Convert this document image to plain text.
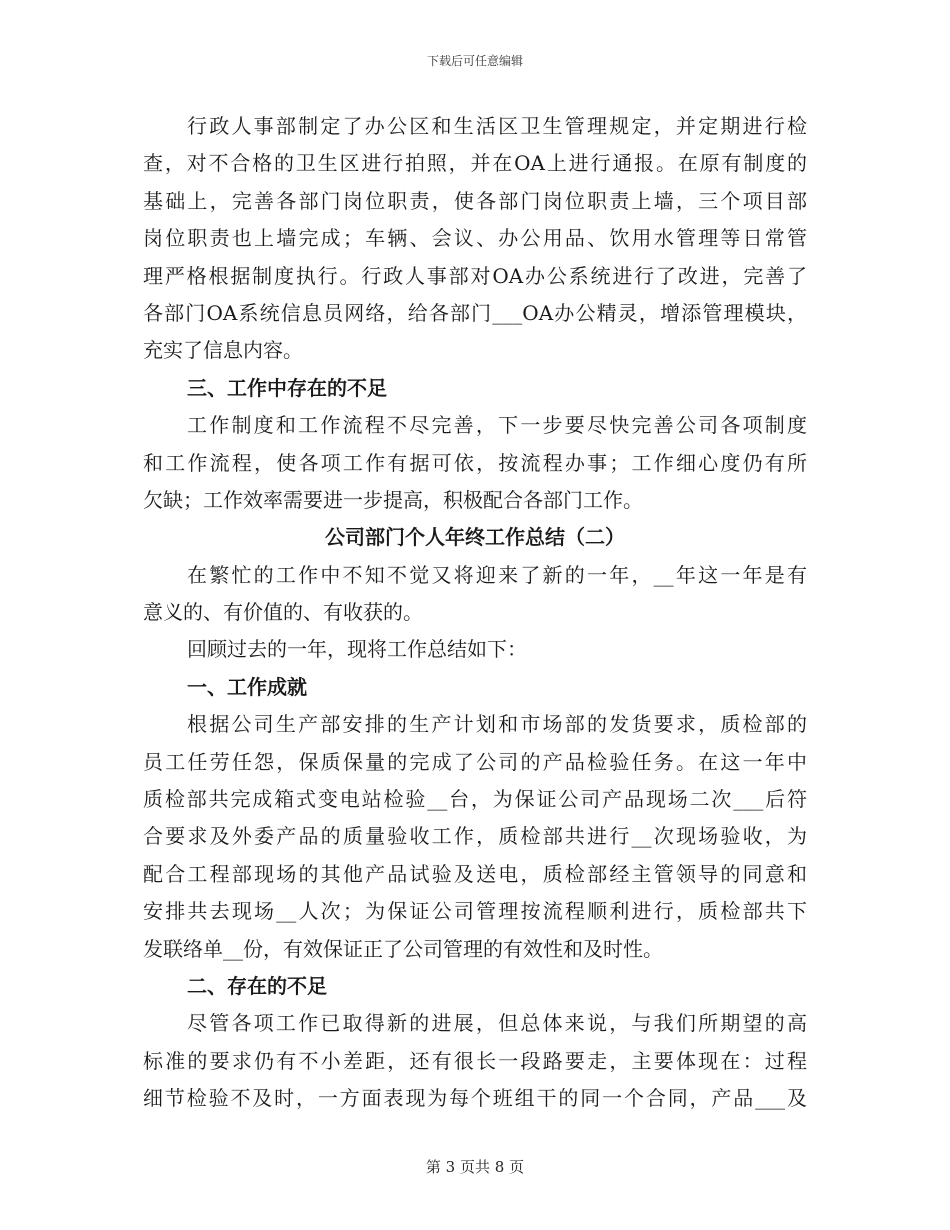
下载后可任意编辑
行政人事部制定了办公区和生活区卫生管理规定，并定期进行检
查，对不合格的卫生区进行拍照，并在OA上进行通报。在原有制度的
基础上，完善各部门岗位职责，使各部门岗位职责上墙，三个项目部
岗位职责也上墙完成；车辆、会议、办公用品、饮用水管理等日常管
理严格根据制度执行。行政人事部对OA办公系统进行了改进，完善了
各部门OA系统信息员网络，给各部门___OA办公精灵，增添管理模块，
充实了信息内容。
三、工作中存在的不足
工作制度和工作流程不尽完善，下一步要尽快完善公司各项制度
和工作流程，使各项工作有据可依，按流程办事；工作细心度仍有所
欠缺；工作效率需要进一步提高，积极配合各部门工作。
公司部门个人年终工作总结（二）
在繁忙的工作中不知不觉又将迎来了新的一年，__年这一年是有
意义的、有价值的、有收获的。
回顾过去的一年，现将工作总结如下：
一、工作成就
根据公司生产部安排的生产计划和市场部的发货要求，质检部的
员工任劳任怨，保质保量的完成了公司的产品检验任务。在这一年中
质检部共完成箱式变电站检验__台，为保证公司产品现场二次___后符
合要求及外委产品的质量验收工作，质检部共进行__次现场验收，为
配合工程部现场的其他产品试验及送电，质检部经主管领导的同意和
安排共去现场__人次；为保证公司管理按流程顺利进行，质检部共下
发联络单__份，有效保证正了公司管理的有效性和及时性。
二、存在的不足
尽管各项工作已取得新的进展，但总体来说，与我们所期望的高
标准的要求仍有不小差距，还有很长一段路要走，主要体现在：过程
细节检验不及时，一方面表现为每个班组干的同一个合同，产品___及
第 3 页共 8 页
